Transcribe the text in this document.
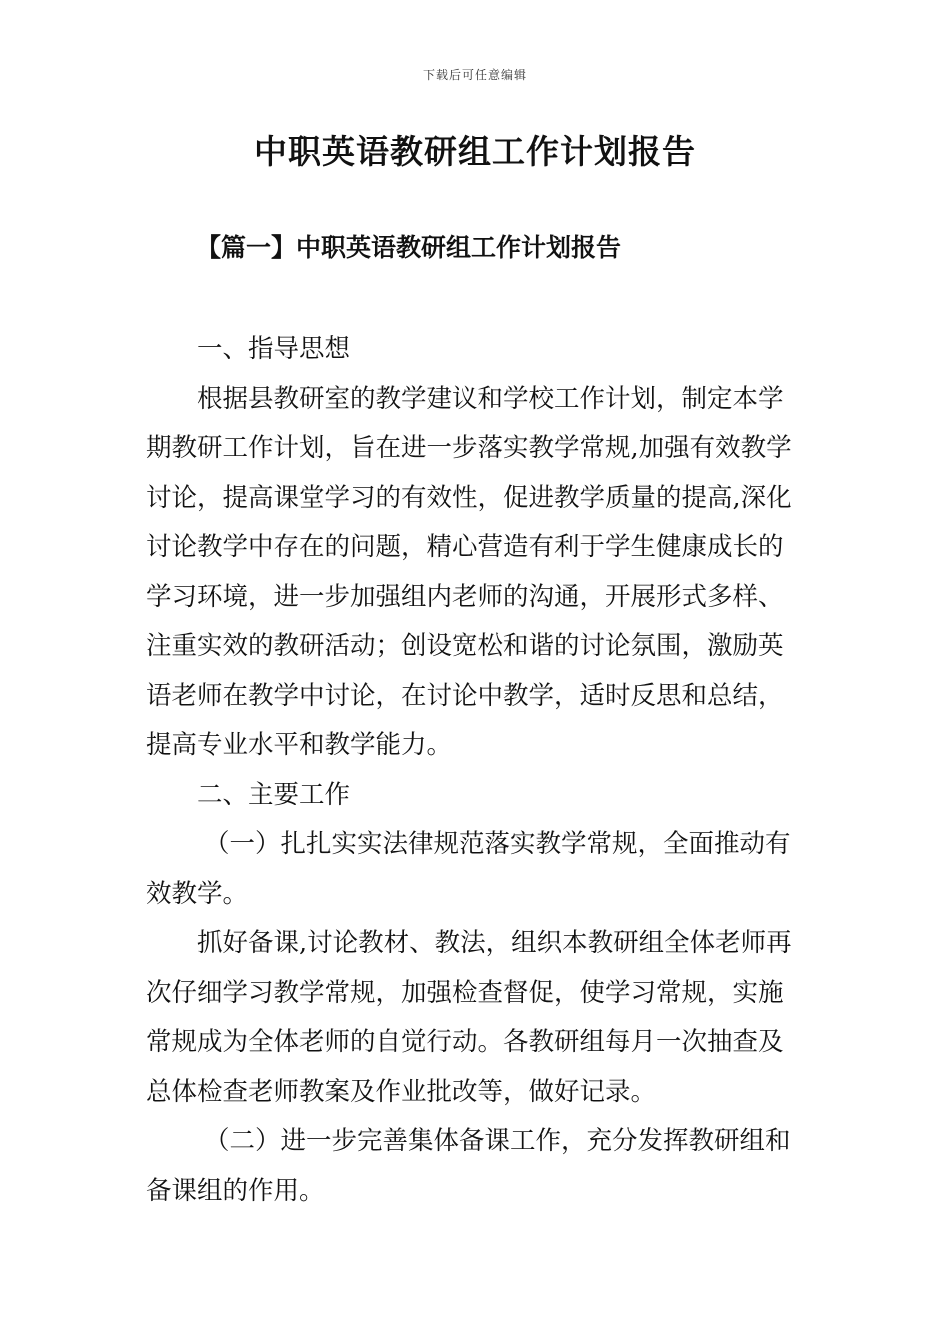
下载后可任意编辑
中职英语教研组工作计划报告
【篇一】中职英语教研组工作计划报告

一、指导思想

根据县教研室的教学建议和学校工作计划，制定本学

期教研工作计划，旨在进一步落实教学常规,加强有效教学

讨论，提高课堂学习的有效性，促进教学质量的提高,深化

讨论教学中存在的问题，精心营造有利于学生健康成长的

学习环境，进一步加强组内老师的沟通，开展形式多样、

注重实效的教研活动；创设宽松和谐的讨论氛围，激励英

语老师在教学中讨论，在讨论中教学，适时反思和总结，

提高专业水平和教学能力。

二、主要工作

（一）扎扎实实法律规范落实教学常规，全面推动有

效教学。

抓好备课,讨论教材、教法，组织本教研组全体老师再

次仔细学习教学常规，加强检查督促，使学习常规，实施

常规成为全体老师的自觉行动。各教研组每月一次抽查及

总体检查老师教案及作业批改等，做好记录。

（二）进一步完善集体备课工作，充分发挥教研组和

备课组的作用。
